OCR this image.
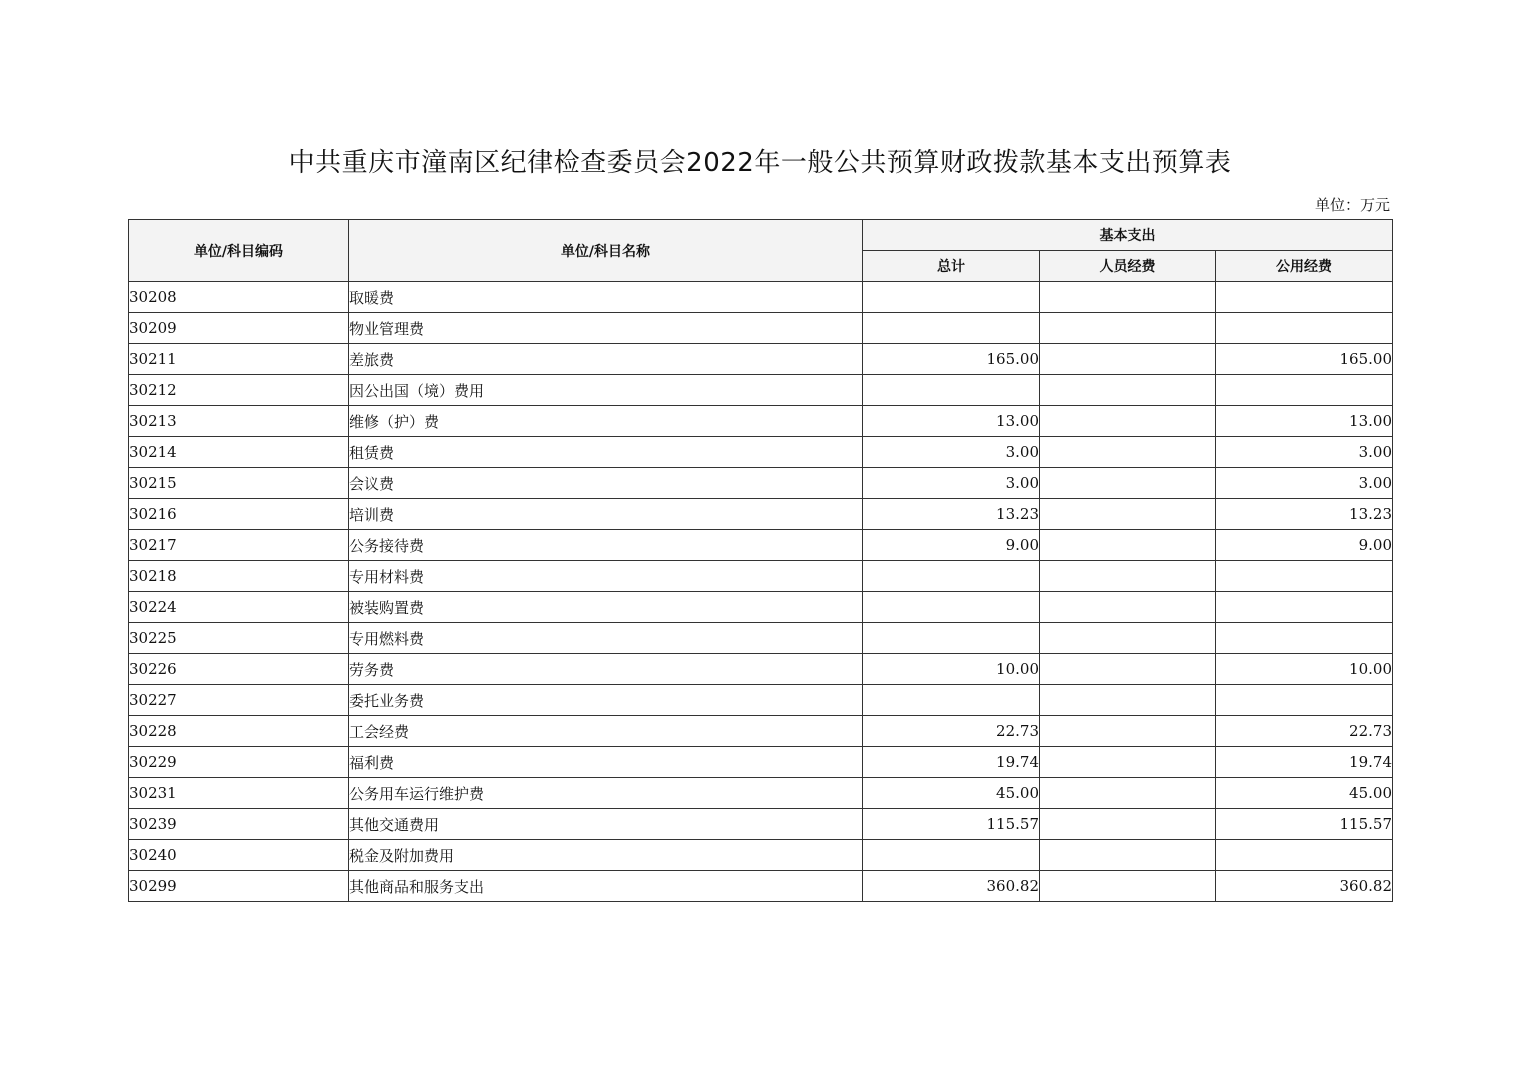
中共重庆市潼南区纪律检查委员会2022年一般公共预算财政拨款基本支出预算表
单位：万元
单位/科目编码	单位/科目名称	基本支出		
		总计	人员经费	公用经费
30208	取暖费			
30209	物业管理费			
30211	差旅费	165.00		165.00
30212	因公出国（境）费用			
30213	维修（护）费	13.00		13.00
30214	租赁费	3.00		3.00
30215	会议费	3.00		3.00
30216	培训费	13.23		13.23
30217	公务接待费	9.00		9.00
30218	专用材料费			
30224	被装购置费			
30225	专用燃料费			
30226	劳务费	10.00		10.00
30227	委托业务费			
30228	工会经费	22.73		22.73
30229	福利费	19.74		19.74
30231	公务用车运行维护费	45.00		45.00
30239	其他交通费用	115.57		115.57
30240	税金及附加费用			
30299	其他商品和服务支出	360.82		360.82
